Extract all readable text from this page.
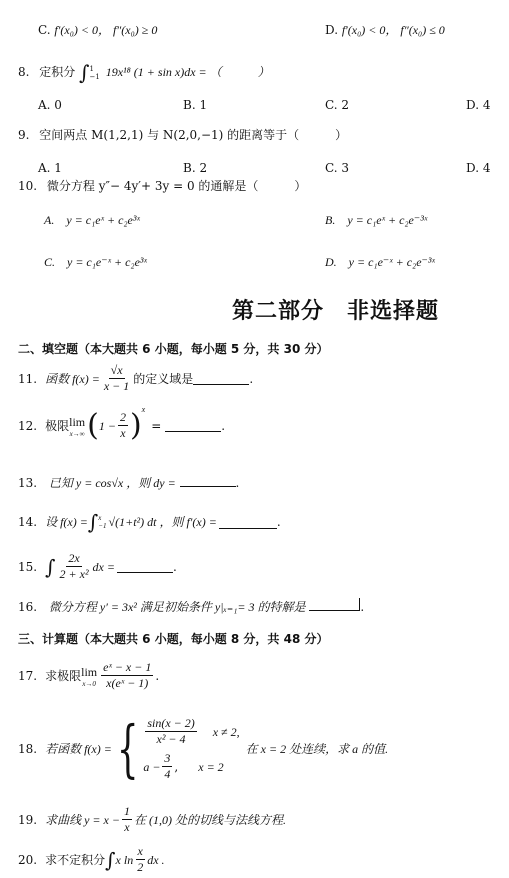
C. f′(x₀) < 0， f″(x₀) ≥ 0	D. f′(x₀) < 0， f″(x₀) ≤ 0
8. 定积分 ∫ 1
−1 19x¹⁸ (1 + sin x)dx = （　　　）
A. 0	B. 1	C. 2	D. 4
9. 空间两点 M(1,2,1) 与 N(2,0,−1) 的距离等于（　　　）
A. 1	B. 2	C. 3	D. 4
10. 微分方程 y″− 4y′+ 3y = 0 的通解是（　　　）
A.　y = c₁eˣ + c₂e³ˣ	B.　y = c₁eˣ + c₂e⁻³ˣ
C.　y = c₁e⁻ˣ + c₂e³ˣ	D.　y = c₁e⁻ˣ + c₂e⁻³ˣ
第二部分　非选择题
二、填空题（本大题共 6 小题，每小题 5 分，共 30 分）
11. 函数 $f(x) = \frac{√x}{x - 1}$ 的定义域是	.
12. 极限 lim
x→∞ ( $1 - \frac{2}{x}$ ) x
=	.
13. 已知 y = cos√x ，则 dy =	.
14. 设 f(x) = ∫ x
−1 √(1+t²) dt ，则 f′(x) =	.
15. ∫ $\frac{2x}{\text{2 + x²}}$ dx =	.
16. 微分方程 y′ = 3x² 满足初始条件 y|ₓ₌₁= 3 的特解是	.
三、计算题（本大题共 6 小题，每小题 8 分，共 48 分）
17. 求极限 lim
$x\to 0 \frac{\text{eˣ − x − 1}}{\text{x(eˣ − 1)}}$ .
18. 若函数 f(x) = { $\frac{\sin(x - 2)}{\text{x² − 4}}$ x ≠ 2,
$a - \frac{3}{4}$ , x = 2
在 x = 2 处连续，求 a 的值.
19. 求曲线 $y = x - \frac{1}{x}$ 在 (1,0) 处的切线与法线方程.
20. 求不定积分 ∫ x $\ln \frac{x}{2}$ dx .
